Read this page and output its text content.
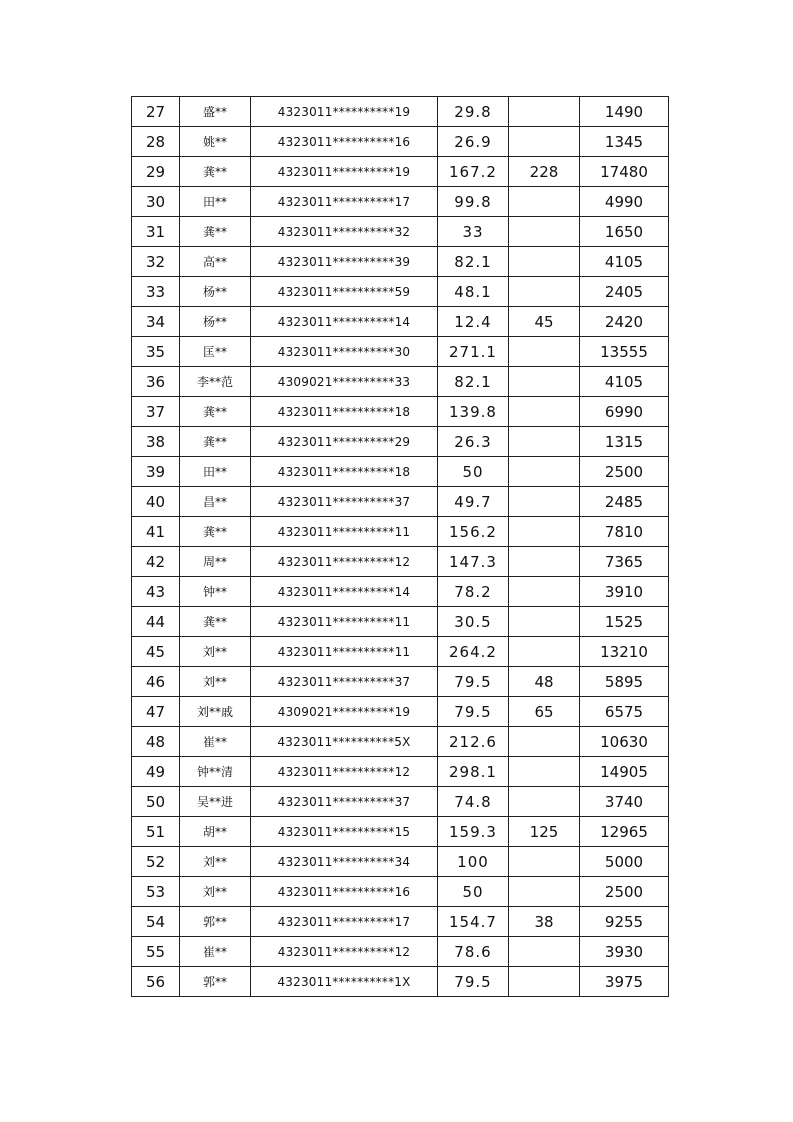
27	盛**	4323011**********19	29.8		1490
28	姚**	4323011**********16	26.9		1345
29	龚**	4323011**********19	167.2	228	17480
30	田**	4323011**********17	99.8		4990
31	龚**	4323011**********32	33		1650
32	高**	4323011**********39	82.1		4105
33	杨**	4323011**********59	48.1		2405
34	杨**	4323011**********14	12.4	45	2420
35	匡**	4323011**********30	271.1		13555
36	李**范	4309021**********33	82.1		4105
37	龚**	4323011**********18	139.8		6990
38	龚**	4323011**********29	26.3		1315
39	田**	4323011**********18	50		2500
40	昌**	4323011**********37	49.7		2485
41	龚**	4323011**********11	156.2		7810
42	周**	4323011**********12	147.3		7365
43	钟**	4323011**********14	78.2		3910
44	龚**	4323011**********11	30.5		1525
45	刘**	4323011**********11	264.2		13210
46	刘**	4323011**********37	79.5	48	5895
47	刘**戚	4309021**********19	79.5	65	6575
48	崔**	4323011**********5X	212.6		10630
49	钟**清	4323011**********12	298.1		14905
50	吴**进	4323011**********37	74.8		3740
51	胡**	4323011**********15	159.3	125	12965
52	刘**	4323011**********34	100		5000
53	刘**	4323011**********16	50		2500
54	郭**	4323011**********17	154.7	38	9255
55	崔**	4323011**********12	78.6		3930
56	郭**	4323011**********1X	79.5		3975
